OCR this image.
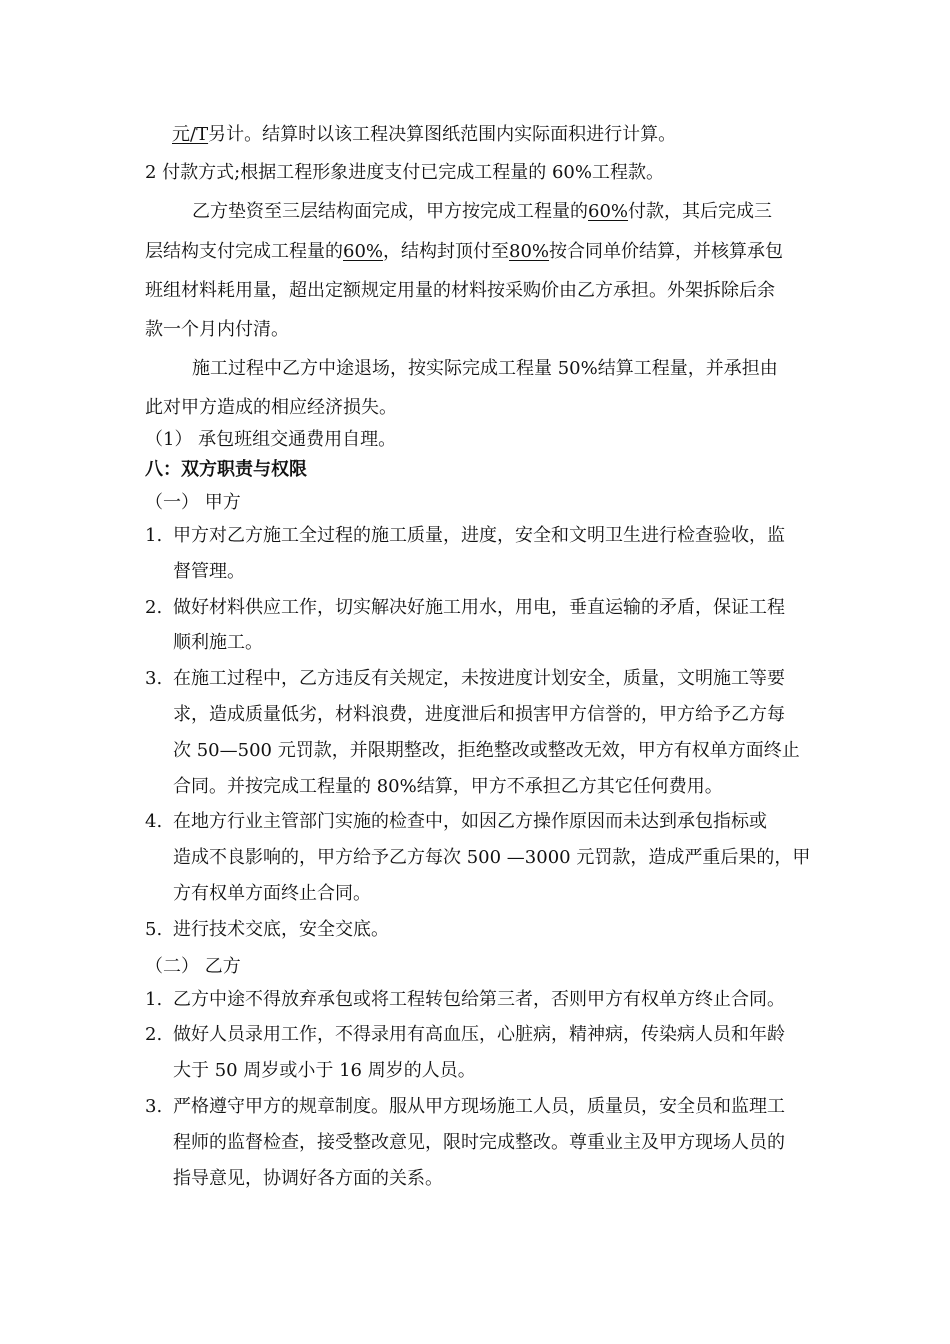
元/T另计。结算时以该工程决算图纸范围内实际面积进行计算。
2 付款方式;根据工程形象进度支付已完成工程量的 60%工程款。
乙方垫资至三层结构面完成，甲方按完成工程量的60%付款，其后完成三
层结构支付完成工程量的60%，结构封顶付至80%按合同单价结算，并核算承包
班组材料耗用量，超出定额规定用量的材料按采购价由乙方承担。外架拆除后余
款一个月内付清。
施工过程中乙方中途退场，按实际完成工程量 50%结算工程量，并承担由
此对甲方造成的相应经济损失。
（1） 承包班组交通费用自理。
八：双方职责与权限
（一） 甲方
1. 甲方对乙方施工全过程的施工质量，进度，安全和文明卫生进行检查验收，监
督管理。
2. 做好材料供应工作，切实解决好施工用水，用电，垂直运输的矛盾，保证工程
顺利施工。
3. 在施工过程中，乙方违反有关规定，未按进度计划安全，质量，文明施工等要
求，造成质量低劣，材料浪费，进度泄后和损害甲方信誉的，甲方给予乙方每
次 50—500 元罚款，并限期整改，拒绝整改或整改无效，甲方有权单方面终止
合同。并按完成工程量的 80%结算，甲方不承担乙方其它任何费用。
4. 在地方行业主管部门实施的检查中，如因乙方操作原因而未达到承包指标或
造成不良影响的，甲方给予乙方每次 500 —3000 元罚款，造成严重后果的，甲
方有权单方面终止合同。
5. 进行技术交底，安全交底。
（二） 乙方
1. 乙方中途不得放弃承包或将工程转包给第三者，否则甲方有权单方终止合同。
2. 做好人员录用工作，不得录用有高血压，心脏病，精神病，传染病人员和年龄
大于 50 周岁或小于 16 周岁的人员。
3. 严格遵守甲方的规章制度。服从甲方现场施工人员，质量员，安全员和监理工
程师的监督检查，接受整改意见，限时完成整改。尊重业主及甲方现场人员的
指导意见，协调好各方面的关系。
